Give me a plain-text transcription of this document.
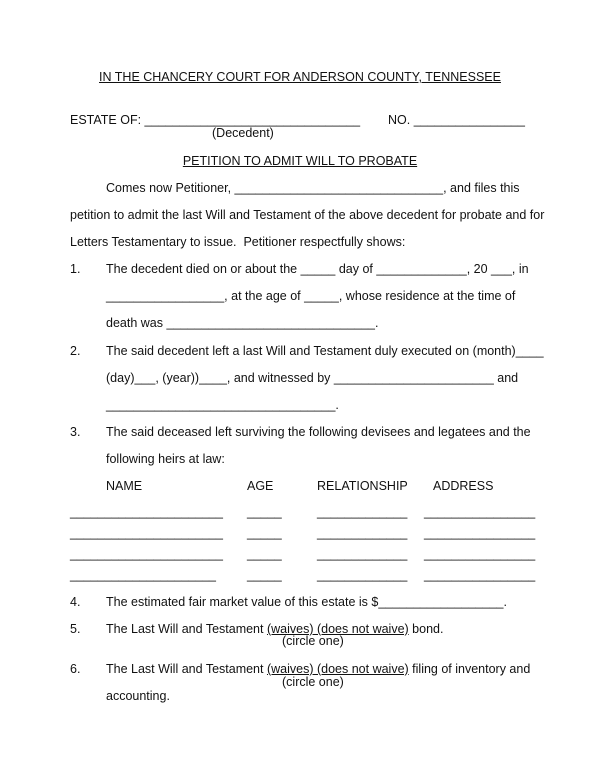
IN THE CHANCERY COURT FOR ANDERSON COUNTY, TENNESSEE
ESTATE OF: _______________________________ NO. ________________
(Decedent)
PETITION TO ADMIT WILL TO PROBATE
Comes now Petitioner, ______________________________, and files this
petition to admit the last Will and Testament of the above decedent for probate and for
Letters Testamentary to issue.  Petitioner respectfully shows:
1. The decedent died on or about the _____ day of _____________, 20 ___, in
_________________, at the age of _____, whose residence at the time of
death was ______________________________.
2. The said decedent left a last Will and Testament duly executed on (month)____
(day)___, (year))____, and witnessed by _______________________ and
_________________________________.
3. The said deceased left surviving the following devisees and legatees and the
following heirs at law:
NAME	AGE	RELATIONSHIP ADDRESS
______________________ _____	_____________ ________________
______________________ _____	_____________ ________________
______________________ _____	_____________ ________________
_____________________ _____	_____________ ________________
4. The estimated fair market value of this estate is $__________________.
5. The Last Will and Testament (waives) (does not waive) bond.
(circle one)
6. The Last Will and Testament (waives) (does not waive) filing of inventory and
(circle one)
accounting.
